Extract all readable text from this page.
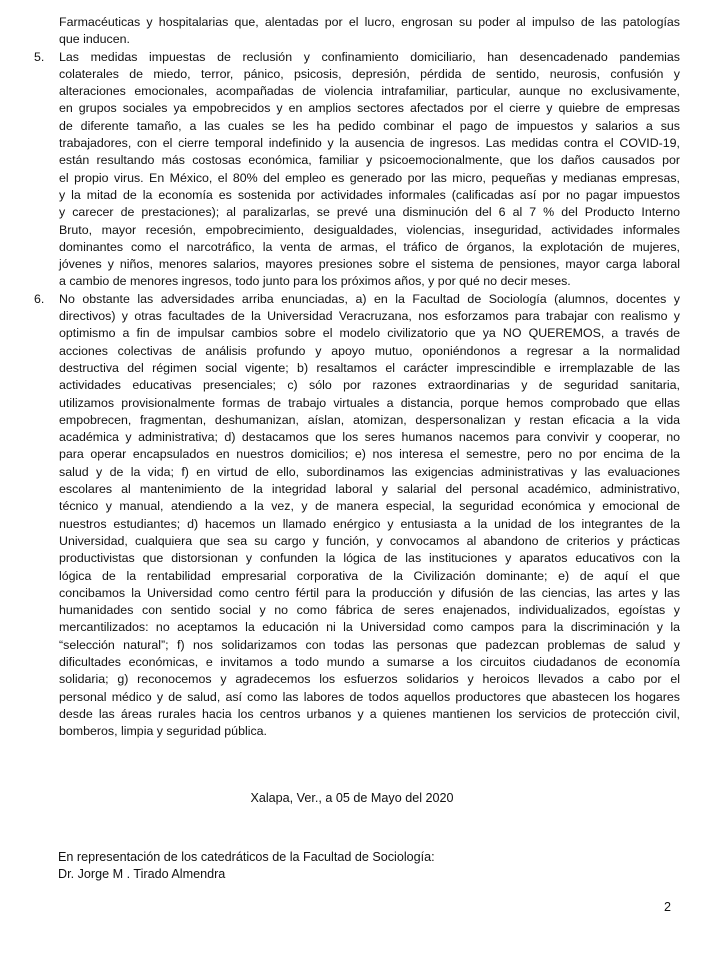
Farmacéuticas y hospitalarias que, alentadas por el lucro, engrosan su poder al impulso de las patologías
que inducen.
5. Las medidas impuestas de reclusión y confinamiento domiciliario, han desencadenado pandemias
colaterales de miedo, terror, pánico, psicosis, depresión, pérdida de sentido, neurosis, confusión y
alteraciones emocionales, acompañadas de violencia intrafamiliar, particular, aunque no exclusivamente,
en grupos sociales ya empobrecidos y en amplios sectores afectados por el cierre y quiebre de empresas
de diferente tamaño, a las cuales se les ha pedido combinar el pago de impuestos y salarios a sus
trabajadores, con el cierre temporal indefinido y la ausencia de ingresos. Las medidas contra el COVID-19,
están resultando más costosas económica, familiar y psicoemocionalmente, que los daños causados por
el propio virus. En México, el 80% del empleo es generado por las micro, pequeñas y medianas empresas,
y la mitad de la economía es sostenida por actividades informales (calificadas así por no pagar impuestos
y carecer de prestaciones); al paralizarlas, se prevé una disminución del 6 al 7 % del Producto Interno
Bruto, mayor recesión, empobrecimiento, desigualdades, violencias, inseguridad, actividades informales
dominantes como el narcotráfico, la venta de armas, el tráfico de órganos, la explotación de mujeres,
jóvenes y niños, menores salarios, mayores presiones sobre el sistema de pensiones, mayor carga laboral
a cambio de menores ingresos, todo junto para los próximos años, y por qué no decir meses.
6. No obstante las adversidades arriba enunciadas, a) en la Facultad de Sociología (alumnos, docentes y
directivos) y otras facultades de la Universidad Veracruzana, nos esforzamos para trabajar con realismo y
optimismo a fin de impulsar cambios sobre el modelo civilizatorio que ya NO QUEREMOS, a través de
acciones colectivas de análisis profundo y apoyo mutuo, oponiéndonos a regresar a la normalidad
destructiva del régimen social vigente; b) resaltamos el carácter imprescindible e irremplazable de las
actividades educativas presenciales; c) sólo por razones extraordinarias y de seguridad sanitaria,
utilizamos provisionalmente formas de trabajo virtuales a distancia, porque hemos comprobado que ellas
empobrecen, fragmentan, deshumanizan, aíslan, atomizan, despersonalizan y restan eficacia a la vida
académica y administrativa; d) destacamos que los seres humanos nacemos para convivir y cooperar, no
para operar encapsulados en nuestros domicilios; e) nos interesa el semestre, pero no por encima de la
salud y de la vida; f) en virtud de ello, subordinamos las exigencias administrativas y las evaluaciones
escolares al mantenimiento de la integridad laboral y salarial del personal académico, administrativo,
técnico y manual, atendiendo a la vez, y de manera especial, la seguridad económica y emocional de
nuestros estudiantes; d) hacemos un llamado enérgico y entusiasta a la unidad de los integrantes de la
Universidad, cualquiera que sea su cargo y función, y convocamos al abandono de criterios y prácticas
productivistas que distorsionan y confunden la lógica de las instituciones y aparatos educativos con la
lógica de la rentabilidad empresarial corporativa de la Civilización dominante; e) de aquí el que
concibamos la Universidad como centro fértil para la producción y difusión de las ciencias, las artes y las
humanidades con sentido social y no como fábrica de seres enajenados, individualizados, egoístas y
mercantilizados: no aceptamos la educación ni la Universidad como campos para la discriminación y la
“selección natural”; f) nos solidarizamos con todas las personas que padezcan problemas de salud y
dificultades económicas, e invitamos a todo mundo a sumarse a los circuitos ciudadanos de economía
solidaria; g) reconocemos y agradecemos los esfuerzos solidarios y heroicos llevados a cabo por el
personal médico y de salud, así como las labores de todos aquellos productores que abastecen los hogares
desde las áreas rurales hacia los centros urbanos y a quienes mantienen los servicios de protección civil,
bomberos, limpia y seguridad pública.
Xalapa, Ver., a 05 de Mayo del 2020
En representación de los catedráticos de la Facultad de Sociología:
Dr. Jorge M . Tirado Almendra
2
